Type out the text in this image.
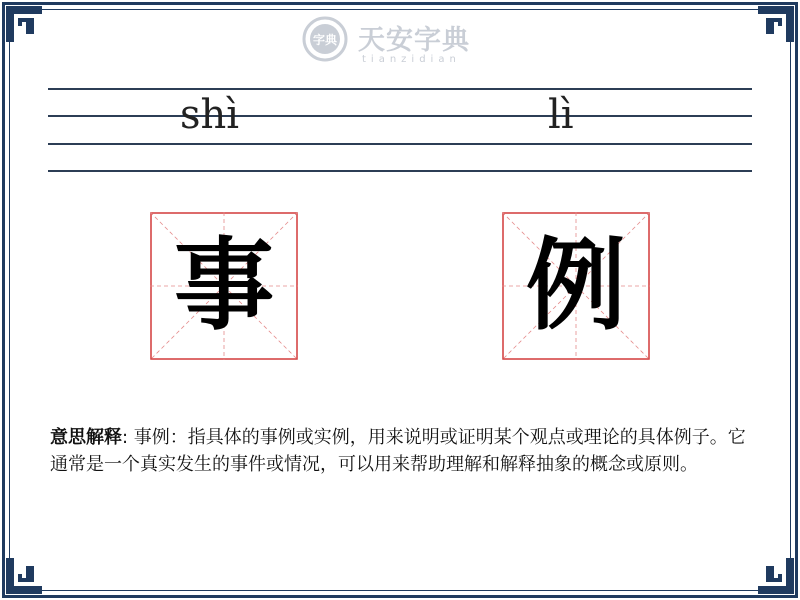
字典 天安字典
tianzidian
shì	lì
事	例
意思解释: 事例：指具体的事例或实例，用来说明或证明某个观点或理论的具体例子。它通常是一个真实发生的事件或情况，可以用来帮助理解和解释抽象的概念或原则。
